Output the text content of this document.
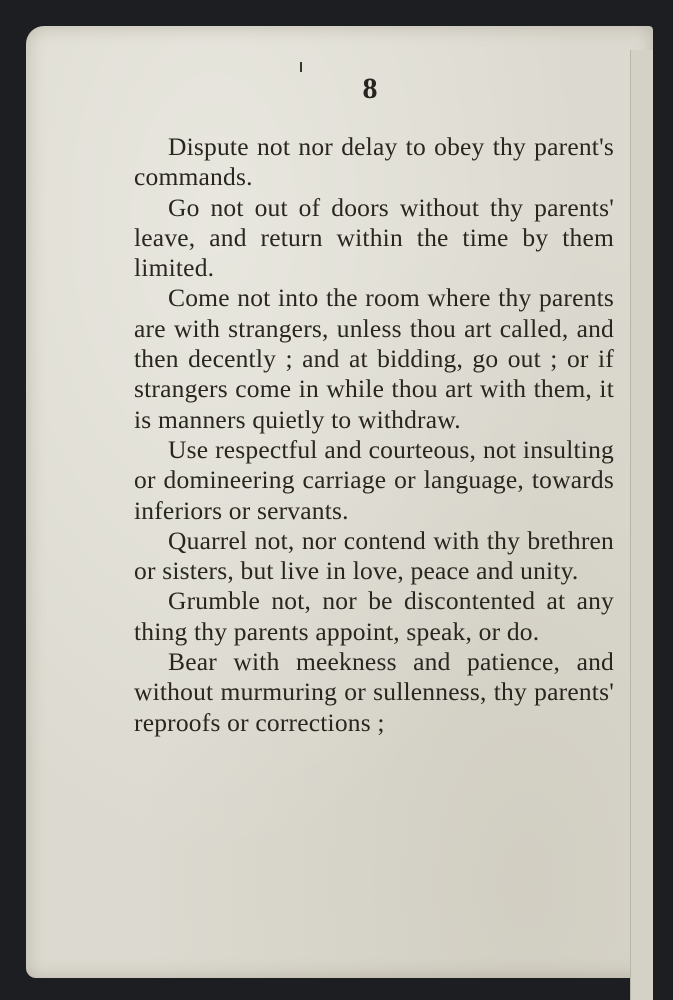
8

Dispute not nor delay to obey thy parent's commands.

Go not out of doors without thy parents' leave, and return within the time by them limited.

Come not into the room where thy parents are with strangers, unless thou art called, and then decently ; and at bidding, go out ; or if strangers come in while thou art with them, it is manners quietly to withdraw.

Use respectful and courteous, not insulting or domineering carriage or language, towards inferiors or servants.

Quarrel not, nor contend with thy brethren or sisters, but live in love, peace and unity.

Grumble not, nor be discontented at any thing thy parents appoint, speak, or do.

Bear with meekness and patience, and without murmuring or sullenness, thy parents' reproofs or corrections ;
